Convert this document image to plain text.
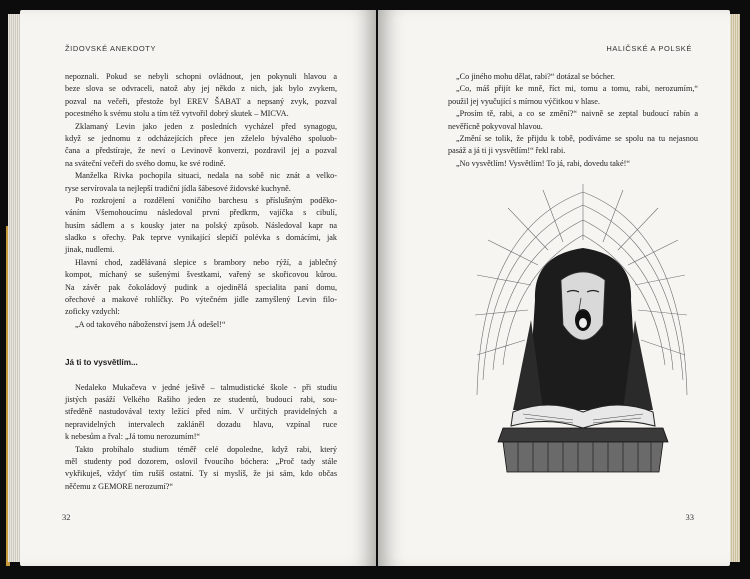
ŽIDOVSKÉ ANEKDOTY
nepoznali. Pokud se nebyli schopni ovládnout, jen pokynuli hlavou a
beze slova se odvraceli, natož aby jej někdo z nich, jak bylo zvykem,
pozval na večeři, přestože byl EREV ŠABAT a nepsaný zvyk, pozval
pocestného k svému stolu a tím též vytvořil dobrý skutek – MICVA.
Zklamaný Levin jako jeden z posledních vycházel před synagogu,
když se jednomu z odcházejících přece jen zželelo bývalého spoluob-
čana a předstíraje, že neví o Levinově konverzi, pozdravil jej a pozval
na sváteční večeři do svého domu, ke své rodině.
Manželka Rivka pochopila situaci, nedala na sobě nic znát a velko-
ryse servírovala ta nejlepší tradiční jídla šábesové židovské kuchyně.
Po rozkrojení a rozdělení voničího barchesu s příslušným poděko-
váním Všemohoucímu následoval první předkrm, vajíčka s cibulí,
husím sádlem a s kousky jater na polský způsob. Následoval kapr na
sladko s ořechy. Pak teprve vynikající slepičí polévka s domácími, jak
jinak, nudlemi.
Hlavní chod, zadělávaná slepice s brambory nebo rýží, a jablečný
kompot, míchaný se sušenými švestkami, vařený se skořicovou kůrou.
Na závěr pak čokoládový pudink a ojedinělá specialita paní domu,
ořechové a makové rohlíčky. Po výtečném jídle zamyšlený Levin filo-
zoficky vzdychl:
„A od takového náboženství jsem JÁ odešel!“
Já ti to vysvětlím...
Nedaleko Mukačeva v jedné ješivě – talmudistické škole - při studiu
jistých pasáží Velkého Rašiho jeden ze studentů, budoucí rabi, sou-
středěně nastudovával texty ležící před ním. V určitých pravidelných a
nepravidelných intervalech zakláněl dozadu hlavu, vzpínal ruce
k nebesům a řval: „Já tomu nerozumím!“
Takto probíhalo studium téměř celé dopoledne, když rabi, který
měl studenty pod dozorem, oslovil řvoucího bóchera: „Proč tady stále
vykřikuješ, vždyť tím rušíš ostatní. Ty si myslíš, že jsi sám, kdo občas
něčemu z GEMORE nerozumí?“
32
HALIČSKÉ A POLSKÉ
„Co jiného mohu dělat, rabi?“ dotázal se bócher.
„Co, máš přijít ke mně, říct mi, tomu a tomu, rabi, nerozumím,“
použil jej vyučující s mírnou výčitkou v hlase.
„Prosím tě, rabi, a co se změní?“ naivně se zeptal budoucí rabín a
nevěřícně pokyvoval hlavou.
„Změní se tolik, že přijdu k tobě, podíváme se spolu na tu nejasnou
pasáž a já ti ji vysvětlím!“ řekl rabi.
„No vysvětlím! Vysvětlím! To já, rabi, dovedu také!“
33
